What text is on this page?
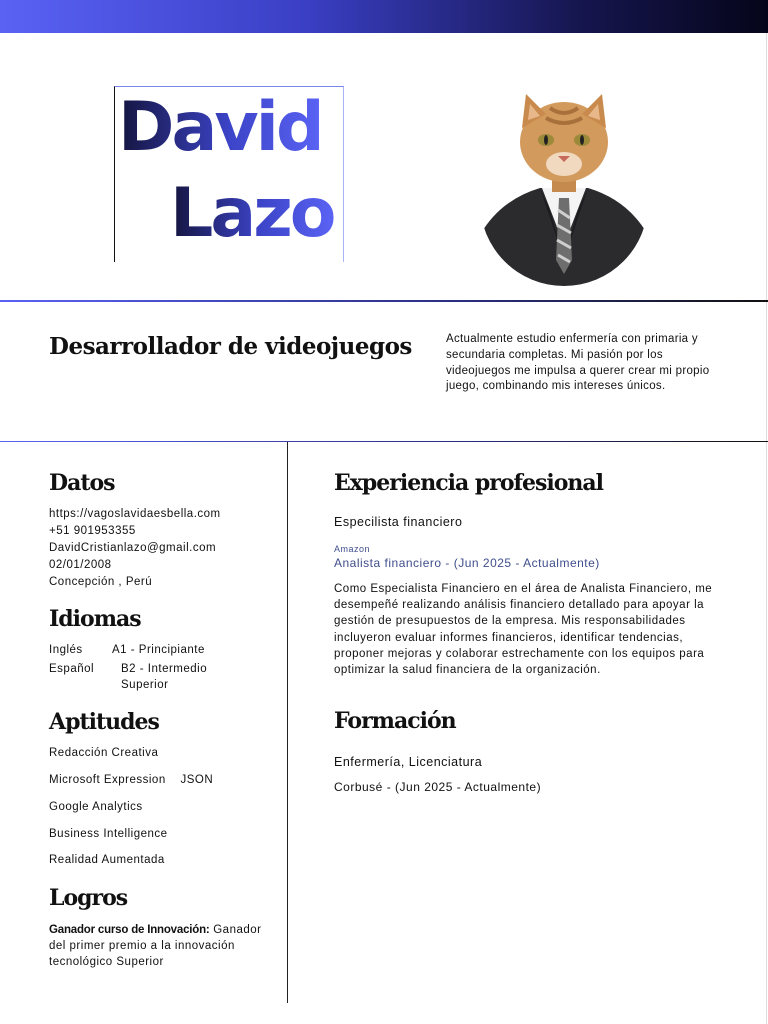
David
Lazo
Desarrollador de videojuegos	Actualmente estudio enfermería con primaria y secundaria completas. Mi pasión por los videojuegos me impulsa a querer crear mi propio juego, combinando mis intereses únicos.
Datos
https://vagoslavidaesbella.com
+51 901953355
DavidCristianlazo@gmail.com
02/01/2008
Concepción , Perú
Idiomas
Inglés	A1 - Principiante
Español B2 - Intermedio Superior
Aptitudes
Redacción Creativa
Microsoft Expression    JSON
Google Analytics
Business Intelligence
Realidad Aumentada
Logros
Ganador curso de Innovación: Ganador del primer premio a la innovación tecnológico Superior
Experiencia profesional
Especilista financiero
Amazon
Analista financiero - (Jun 2025 - Actualmente)
Como Especialista Financiero en el área de Analista Financiero, me desempeñé realizando análisis financiero detallado para apoyar la gestión de presupuestos de la empresa. Mis responsabilidades incluyeron evaluar informes financieros, identificar tendencias, proponer mejoras y colaborar estrechamente con los equipos para optimizar la salud financiera de la organización.
Formación
Enfermería, Licenciatura
Corbusé - (Jun 2025 - Actualmente)
